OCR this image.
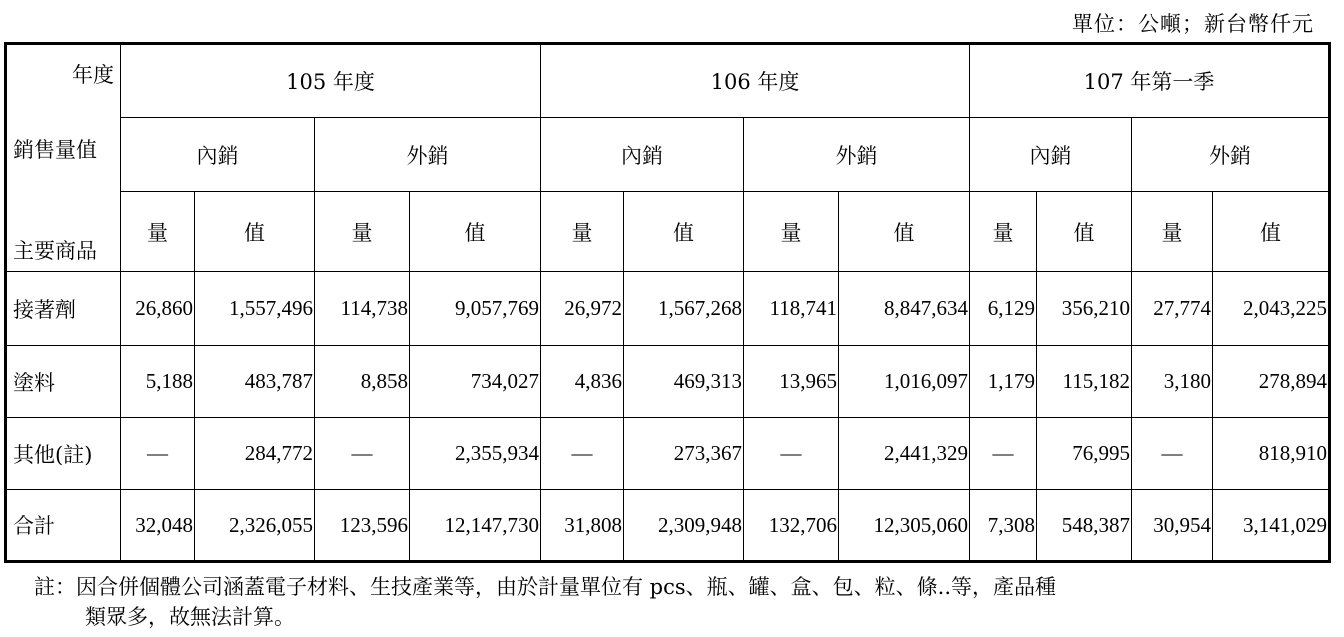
單位：公噸；新台幣仟元
年度
銷售量值
主要商品	105 年度				106 年度				107 年第一季			
	內銷		外銷		內銷		外銷		內銷		外銷	
	量	值	量	值	量	值	量	值	量	值	量	值
接著劑	26,860	1,557,496	114,738	9,057,769	26,972	1,567,268	118,741	8,847,634	6,129	356,210	27,774	2,043,225
塗料	5,188	483,787	8,858	734,027	4,836	469,313	13,965	1,016,097	1,179	115,182	3,180	278,894
其他(註)	—	284,772	—	2,355,934	—	273,367	—	2,441,329	—	76,995	—	818,910
合計	32,048	2,326,055	123,596	12,147,730	31,808	2,309,948	132,706	12,305,060	7,308	548,387	30,954	3,141,029
註：因合併個體公司涵蓋電子材料、生技產業等，由於計量單位有 pcs、瓶、罐、盒、包、粒、條..等，產品種
類眾多，故無法計算。
